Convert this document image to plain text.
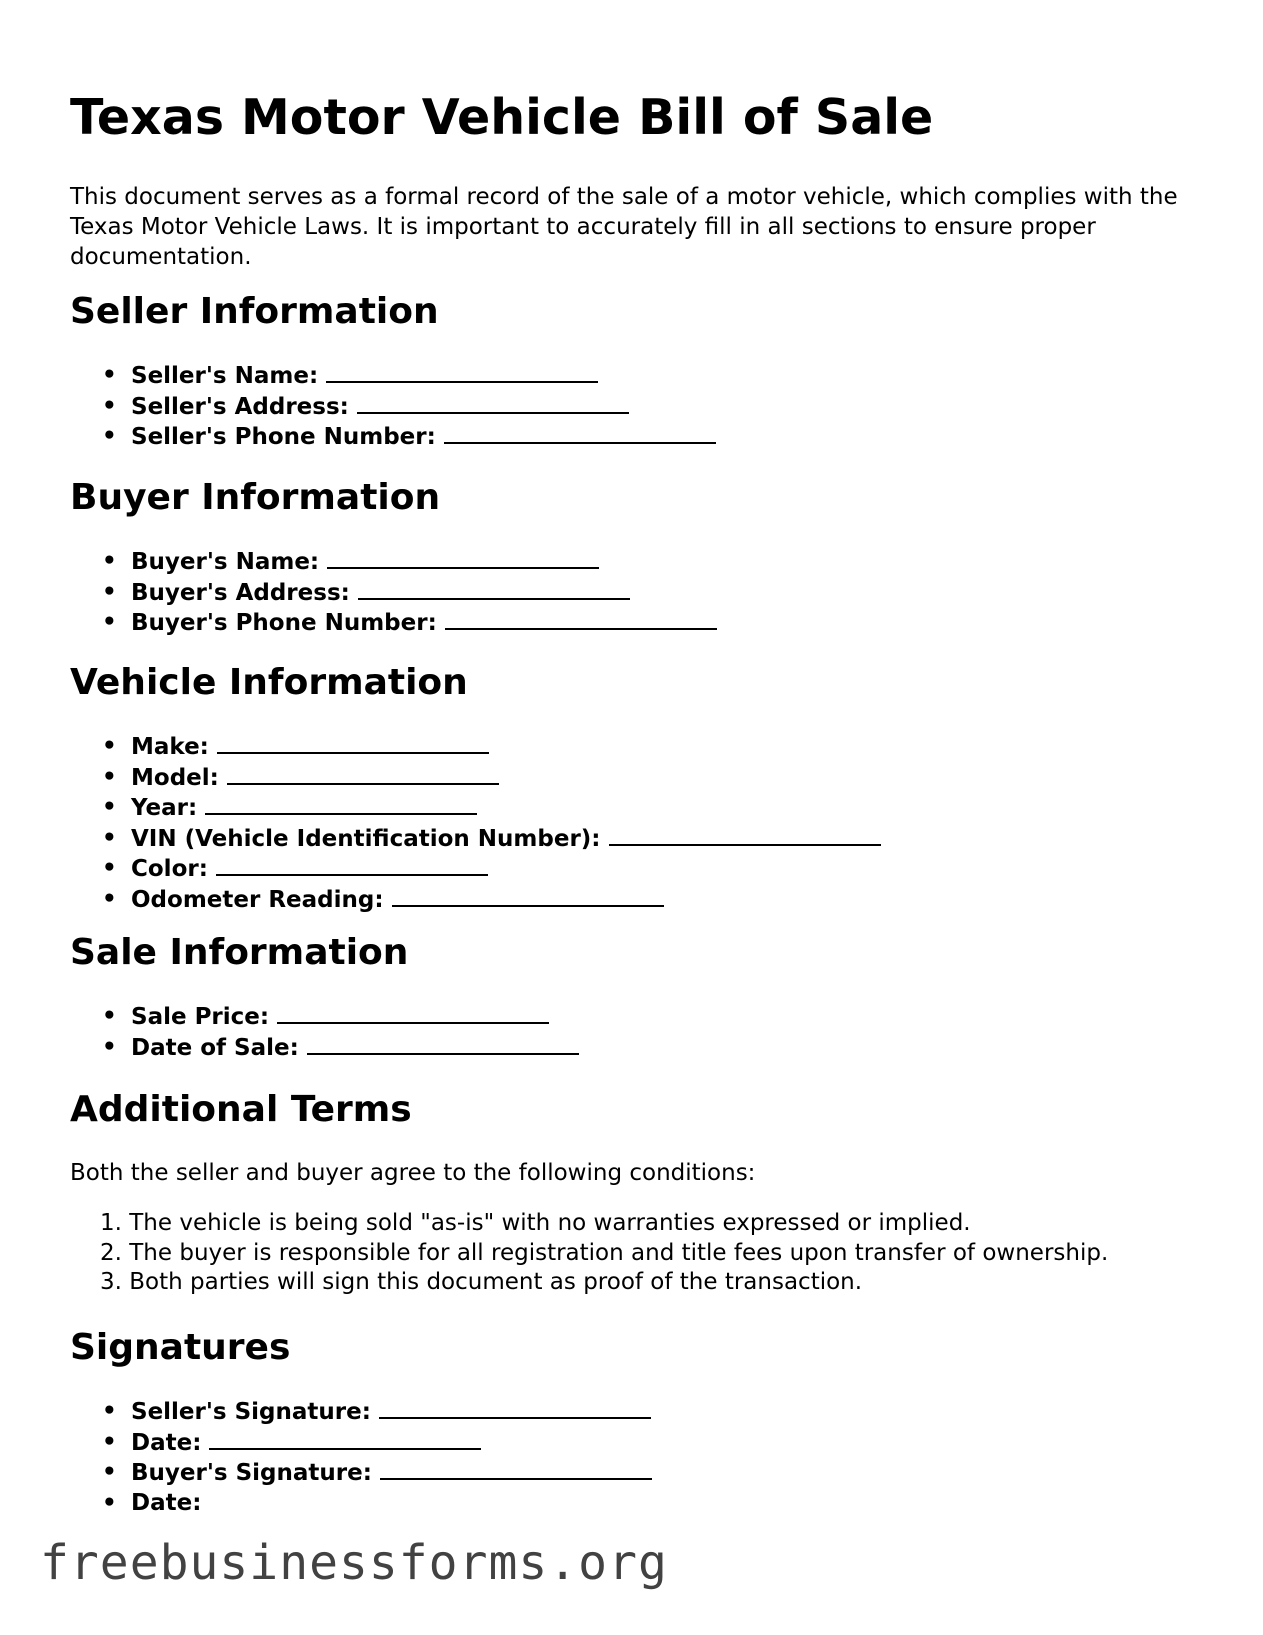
Texas Motor Vehicle Bill of Sale

This document serves as a formal record of the sale of a motor vehicle, which complies with the Texas Motor Vehicle Laws. It is important to accurately fill in all sections to ensure proper documentation.

Seller Information
• Seller's Name:
• Seller's Address:
• Seller's Phone Number:
Buyer Information
• Buyer's Name:
• Buyer's Address:
• Buyer's Phone Number:
Vehicle Information
• Make:
• Model:
• Year:
• VIN (Vehicle Identification Number):
• Color:
• Odometer Reading:
Sale Information
• Sale Price:
• Date of Sale:
Additional Terms

Both the seller and buyer agree to the following conditions:

1. The vehicle is being sold "as-is" with no warranties expressed or implied.
2. The buyer is responsible for all registration and title fees upon transfer of ownership.
3. Both parties will sign this document as proof of the transaction.
Signatures
• Seller's Signature:
• Date:
• Buyer's Signature:
• Date:
freebusinessforms.org
